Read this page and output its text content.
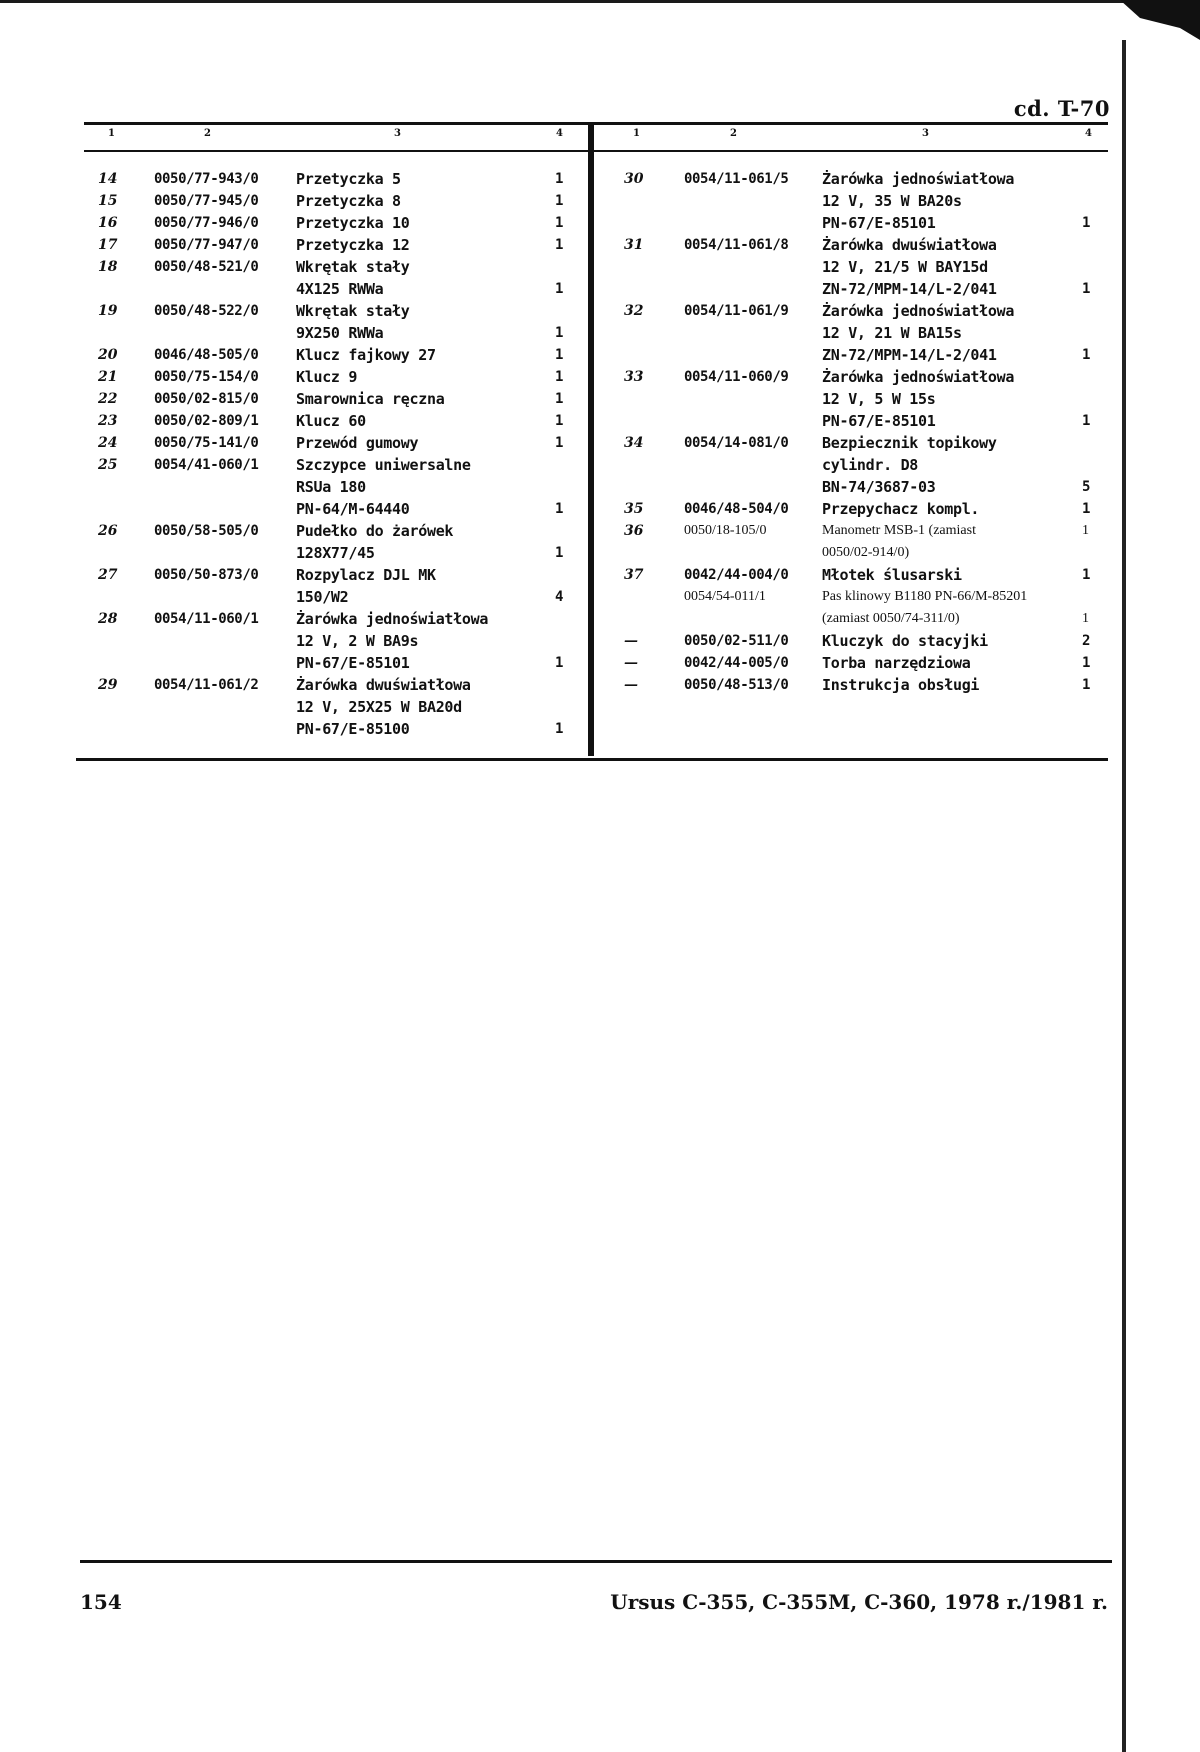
cd. T-70
1	2	3	4	1	2	3	4
14	0050/77-943/0	Przetyczka 5	1
15	0050/77-945/0	Przetyczka 8	1
16	0050/77-946/0	Przetyczka 10	1
17	0050/77-947/0	Przetyczka 12	1
18	0050/48-521/0	Wkrętak stały
4X125 RWWa	1
19	0050/48-522/0	Wkrętak stały
9X250 RWWa	1
20	0046/48-505/0	Klucz fajkowy 27	1
21	0050/75-154/0	Klucz 9	1
22	0050/02-815/0	Smarownica ręczna	1
23	0050/02-809/1	Klucz 60	1
24	0050/75-141/0	Przewód gumowy	1
25	0054/41-060/1	Szczypce uniwersalne
RSUa 180
PN-64/M-64440	1
26	0050/58-505/0	Pudełko do żarówek
128X77/45	1
27	0050/50-873/0	Rozpylacz DJL MK
150/W2	4
28	0054/11-060/1	Żarówka jednoświatłowa
12 V, 2 W BA9s
PN-67/E-85101	1
29	0054/11-061/2	Żarówka dwuświatłowa
12 V, 25X25 W BA20d
PN-67/E-85100	1
30	0054/11-061/5 Żarówka jednoświatłowa
12 V, 35 W BA20s
PN-67/E-85101	1
31	0054/11-061/8 Żarówka dwuświatłowa
12 V, 21/5 W BAY15d
ZN-72/MPM-14/L-2/041	1
32	0054/11-061/9 Żarówka jednoświatłowa
12 V, 21 W BA15s
ZN-72/MPM-14/L-2/041	1
33	0054/11-060/9 Żarówka jednoświatłowa
12 V, 5 W 15s
PN-67/E-85101	1
34	0054/14-081/0 Bezpiecznik topikowy
cylindr. D8
BN-74/3687-03	5
35	0046/48-504/0 Przepychacz kompl.	1
36	0050/18-105/0	Manometr MSB-1 (zamiast	1
0050/02-914/0)
37	0042/44-004/0 Młotek ślusarski	1
0054/54-011/1	Pas klinowy B1180 PN-66/M-85201
(zamiast 0050/74-311/0)	1
—	0050/02-511/0 Kluczyk do stacyjki	2
—	0042/44-005/0 Torba narzędziowa	1
—	0050/48-513/0 Instrukcja obsługi	1
154	Ursus C-355, C-355M, C-360, 1978 r./1981 r.
